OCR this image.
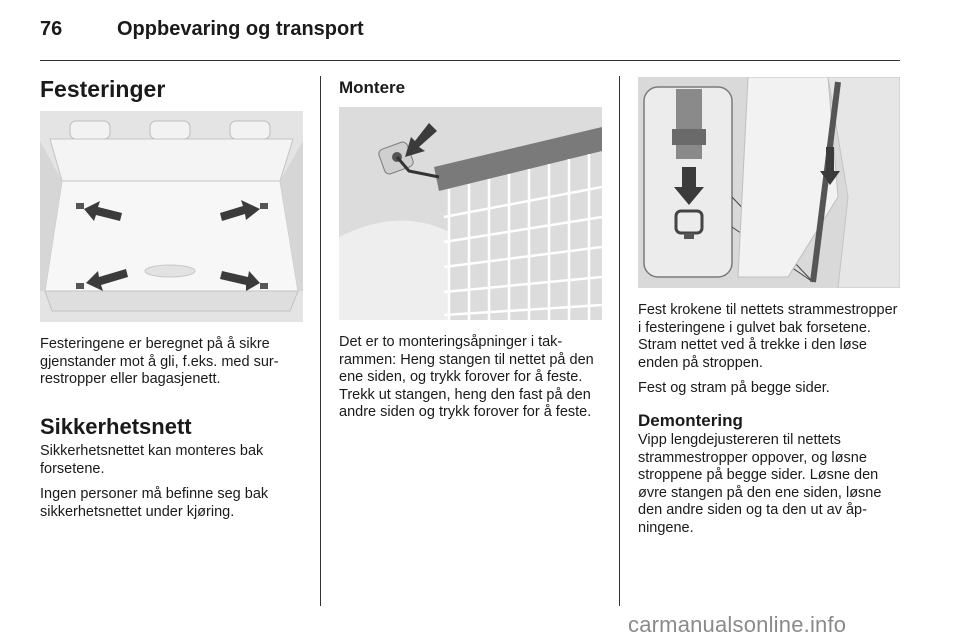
76	Oppbevaring og transport
Festeringer

Festeringene er beregnet på å sikre gjenstander mot å gli, f.eks. med surrestropper eller bagasjenett.

Sikkerhetsnett

Sikkerhetsnettet kan monteres bak forsetene.

Ingen personer må befinne seg bak sikkerhetsnettet under kjøring.

Montere

Det er to monteringsåpninger i takrammen: Heng stangen til nettet på den ene siden, og trykk forover for å feste. Trekk ut stangen, heng den fast på den andre siden og trykk forover for å feste.

Fest krokene til nettets strammestropper i festeringene i gulvet bak forsetene. Stram nettet ved å trekke i den løse enden på stroppen.

Fest og stram på begge sider.

Demontering

Vipp lengdejustereren til nettets strammestropper oppover, og løsne stroppene på begge sider. Løsne den øvre stangen på den ene siden, løsne den andre siden og ta den ut av åpningene.

carmanualsonline.info
